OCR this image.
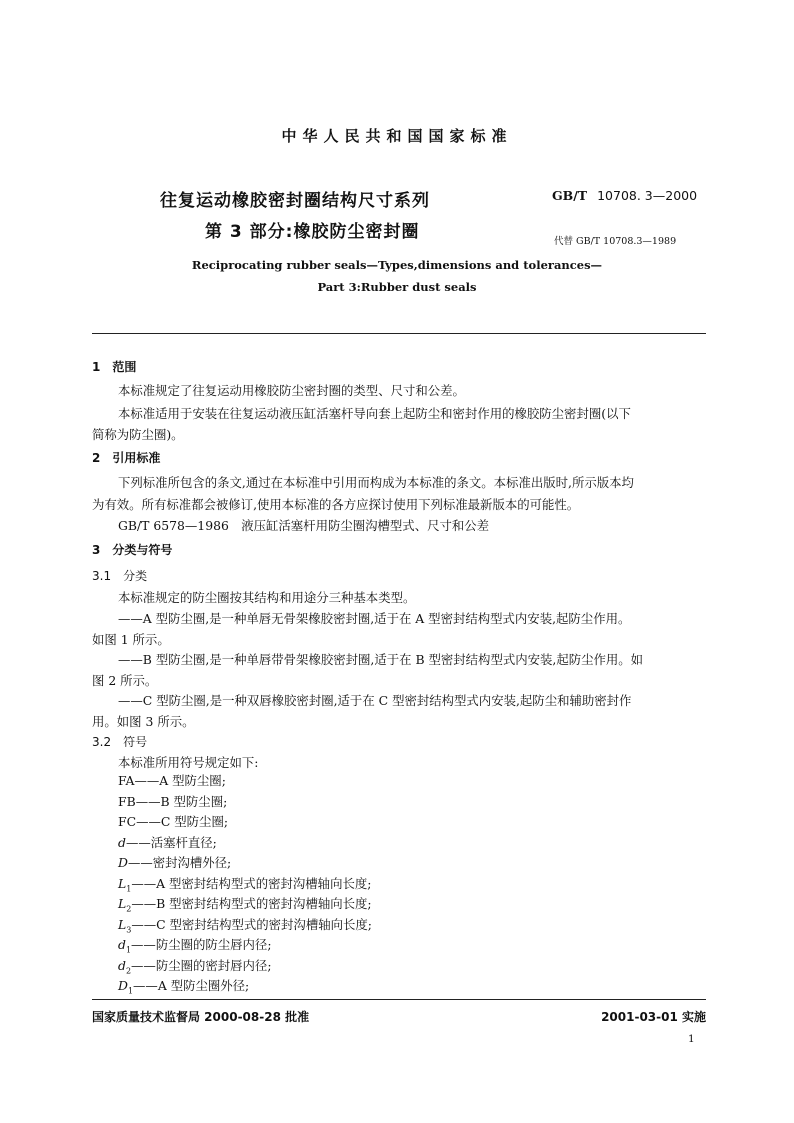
中华人民共和国国家标准
往复运动橡胶密封圈结构尺寸系列
第 3 部分:橡胶防尘密封圈
GB/T 10708. 3—2000
代替 GB/T 10708.3—1989
Reciprocating rubber seals—Types,dimensions and tolerances—
Part 3:Rubber dust seals
1　范围
本标准规定了往复运动用橡胶防尘密封圈的类型、尺寸和公差。
本标准适用于安装在往复运动液压缸活塞杆导向套上起防尘和密封作用的橡胶防尘密封圈(以下
简称为防尘圈)。
2　引用标准
下列标准所包含的条文,通过在本标准中引用而构成为本标准的条文。本标准出版时,所示版本均
为有效。所有标准都会被修订,使用本标准的各方应探讨使用下列标准最新版本的可能性。
GB/T 6578—1986　液压缸活塞杆用防尘圈沟槽型式、尺寸和公差
3　分类与符号
3.1　分类
本标准规定的防尘圈按其结构和用途分三种基本类型。
——A 型防尘圈,是一种单唇无骨架橡胶密封圈,适于在 A 型密封结构型式内安装,起防尘作用。
如图 1 所示。
——B 型防尘圈,是一种单唇带骨架橡胶密封圈,适于在 B 型密封结构型式内安装,起防尘作用。如
图 2 所示。
——C 型防尘圈,是一种双唇橡胶密封圈,适于在 C 型密封结构型式内安装,起防尘和辅助密封作
用。如图 3 所示。
3.2　符号
本标准所用符号规定如下:
FA——A 型防尘圈;
FB——B 型防尘圈;
FC——C 型防尘圈;
d——活塞杆直径;
D——密封沟槽外径;
$L_1——A$ 型密封结构型式的密封沟槽轴向长度;
$L_2——B$ 型密封结构型式的密封沟槽轴向长度;
$L_3——C$ 型密封结构型式的密封沟槽轴向长度;
$d_1——$防尘圈的防尘唇内径;
$d_2——$防尘圈的密封唇内径;
$D_1——A$ 型防尘圈外径;
国家质量技术监督局 2000-08-28 批准	2001-03-01 实施
1
